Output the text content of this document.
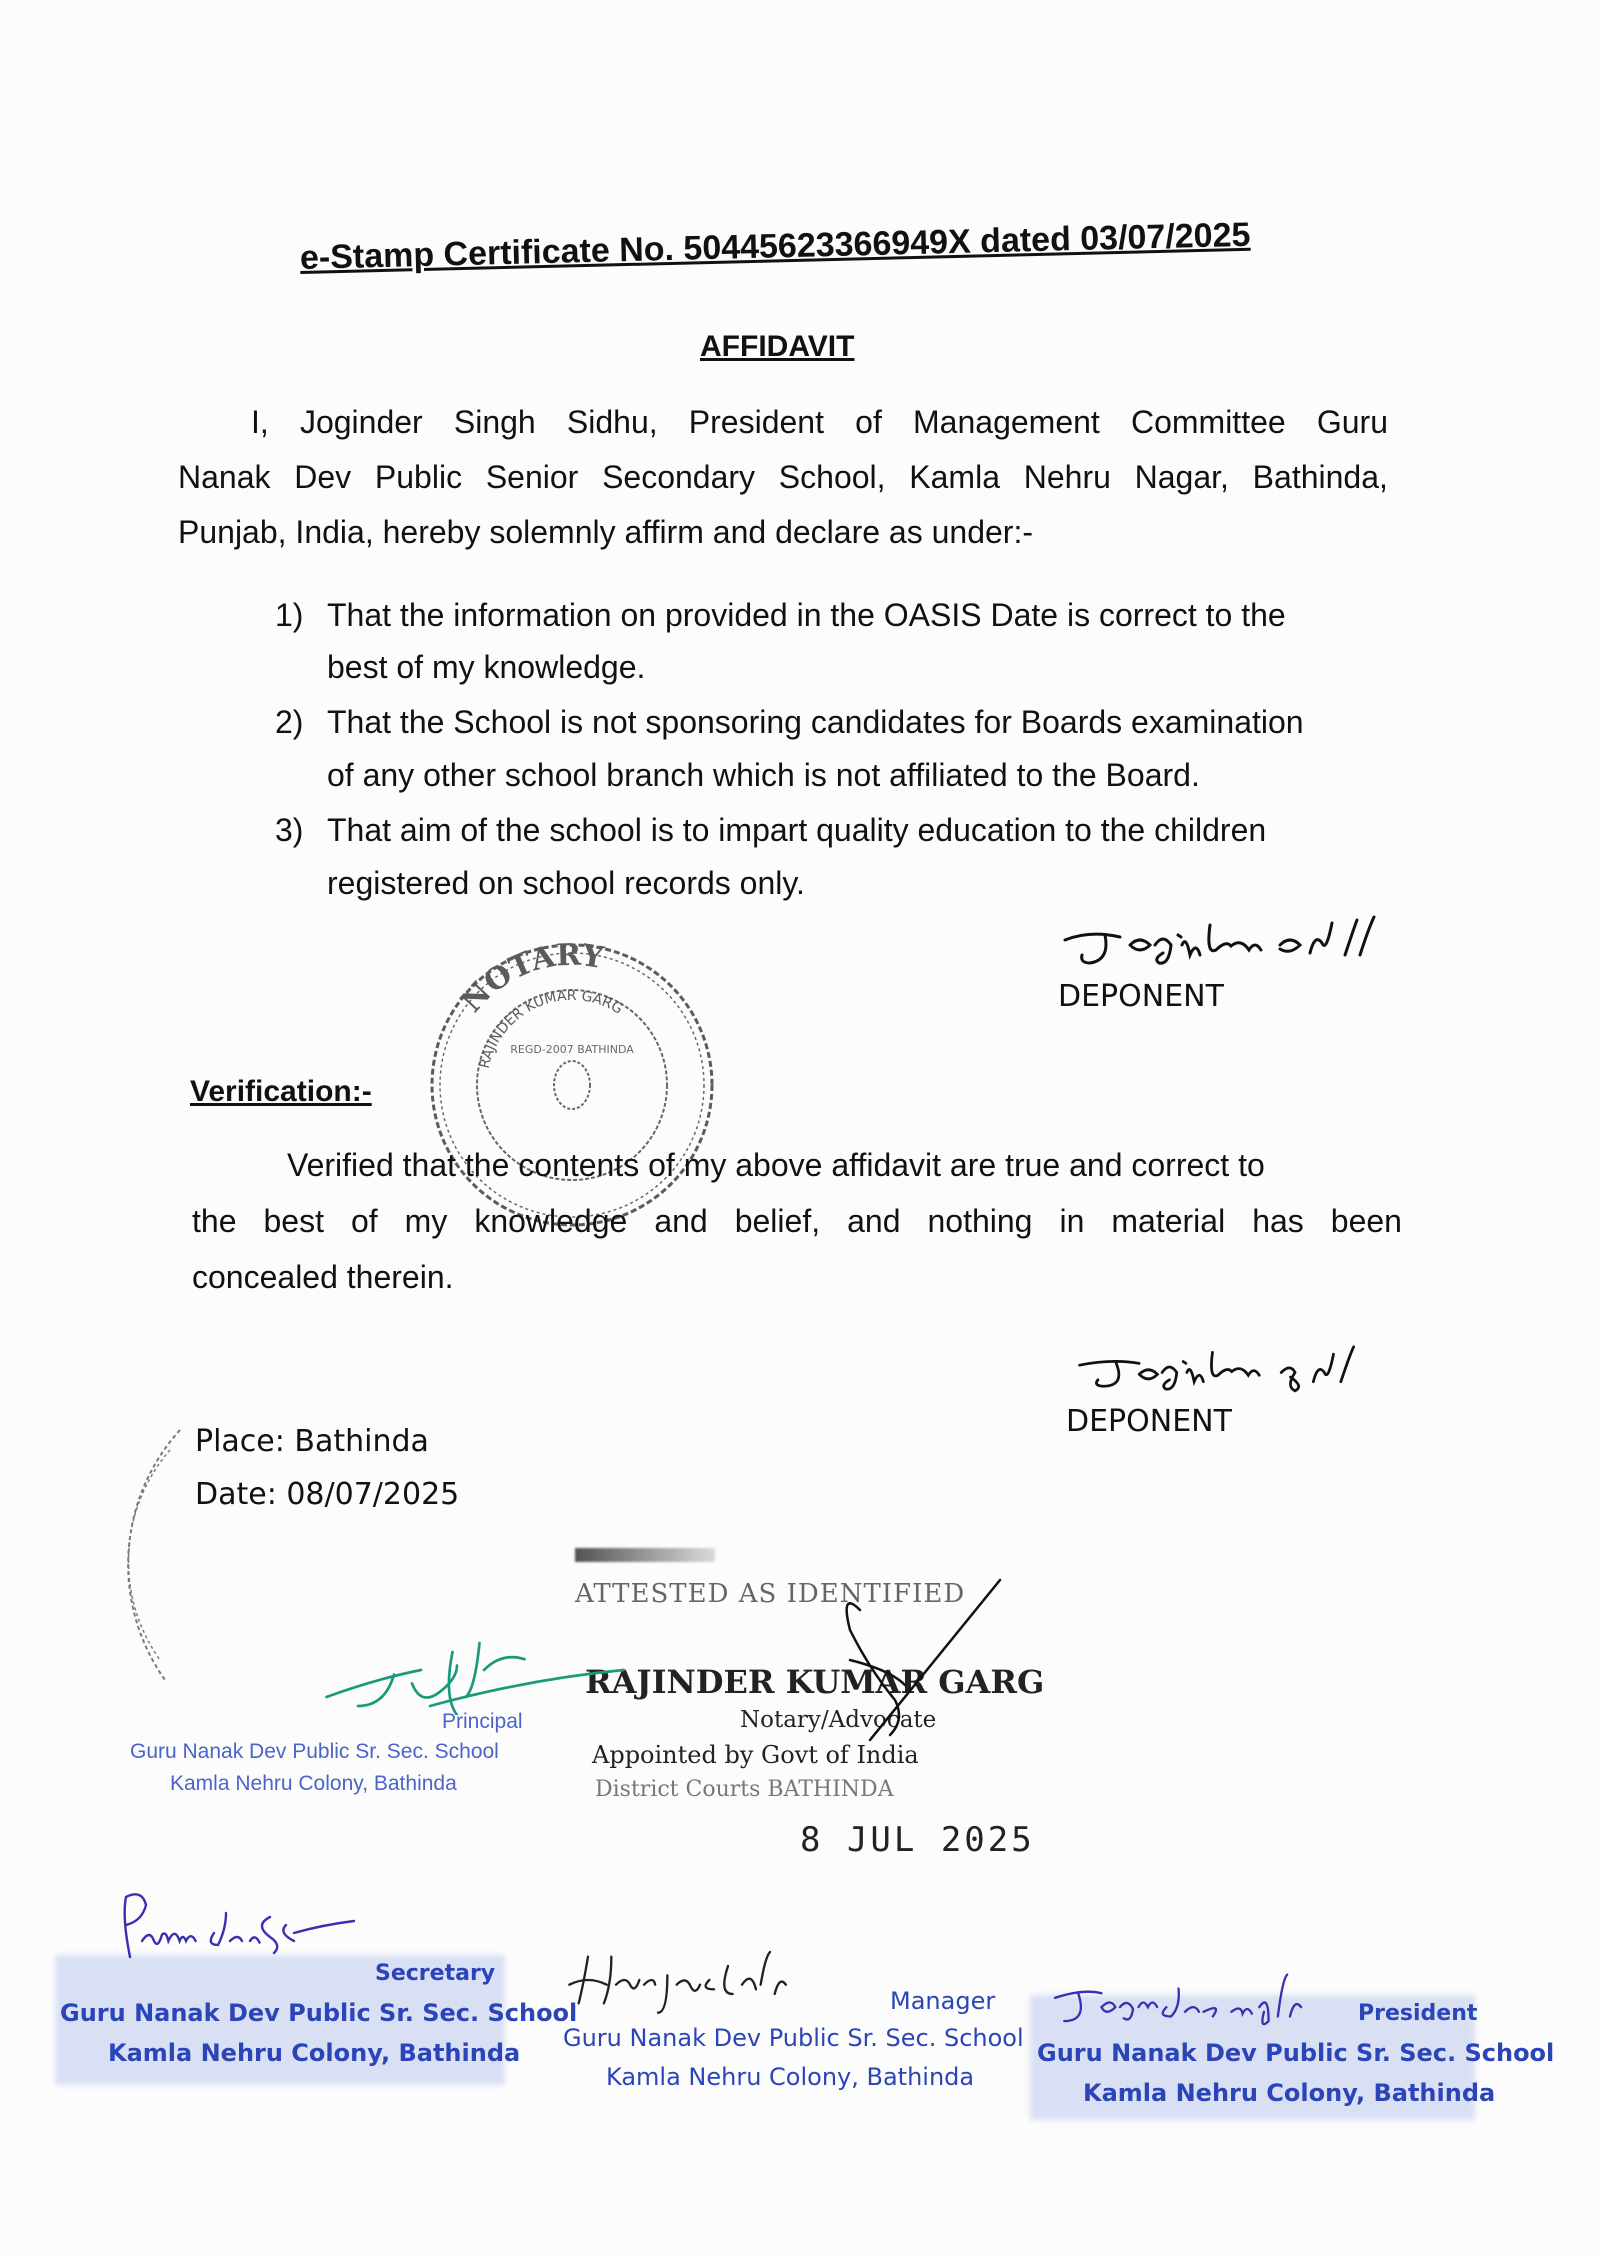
e-Stamp Certificate No. 50445623366949X dated 03/07/2025
AFFIDAVIT
I, Joginder Singh Sidhu, President of Management Committee Guru
Nanak Dev Public Senior Secondary School, Kamla Nehru Nagar, Bathinda,
Punjab, India, hereby solemnly affirm and declare as under:-
1) That the information on provided in the OASIS Date is correct to the
best of my knowledge.
2) That the School is not sponsoring candidates for Boards examination
of any other school branch which is not affiliated to the Board.
3) That aim of the school is to impart quality education to the children
registered on school records only.
DEPONENT
NOTARY
RAJINDER KUMAR GARG
REGD-2007 BATHINDA
Verification:-
Verified that the contents of my above affidavit are true and correct to
the best of my knowledge and belief, and nothing in material has been
concealed therein.
DEPONENT
Place: Bathinda
Date: 08/07/2025
ATTESTED AS IDENTIFIED
RAJINDER KUMAR GARG
Notary/Advocate
Appointed by Govt of India
District Courts BATHINDA
8 JUL 2025
Principal
Guru Nanak Dev Public Sr. Sec. School
Kamla Nehru Colony, Bathinda
Secretary
Guru Nanak Dev Public Sr. Sec. School
Kamla Nehru Colony, Bathinda
Manager
Guru Nanak Dev Public Sr. Sec. School
Kamla Nehru Colony, Bathinda
President
Guru Nanak Dev Public Sr. Sec. School
Kamla Nehru Colony, Bathinda
